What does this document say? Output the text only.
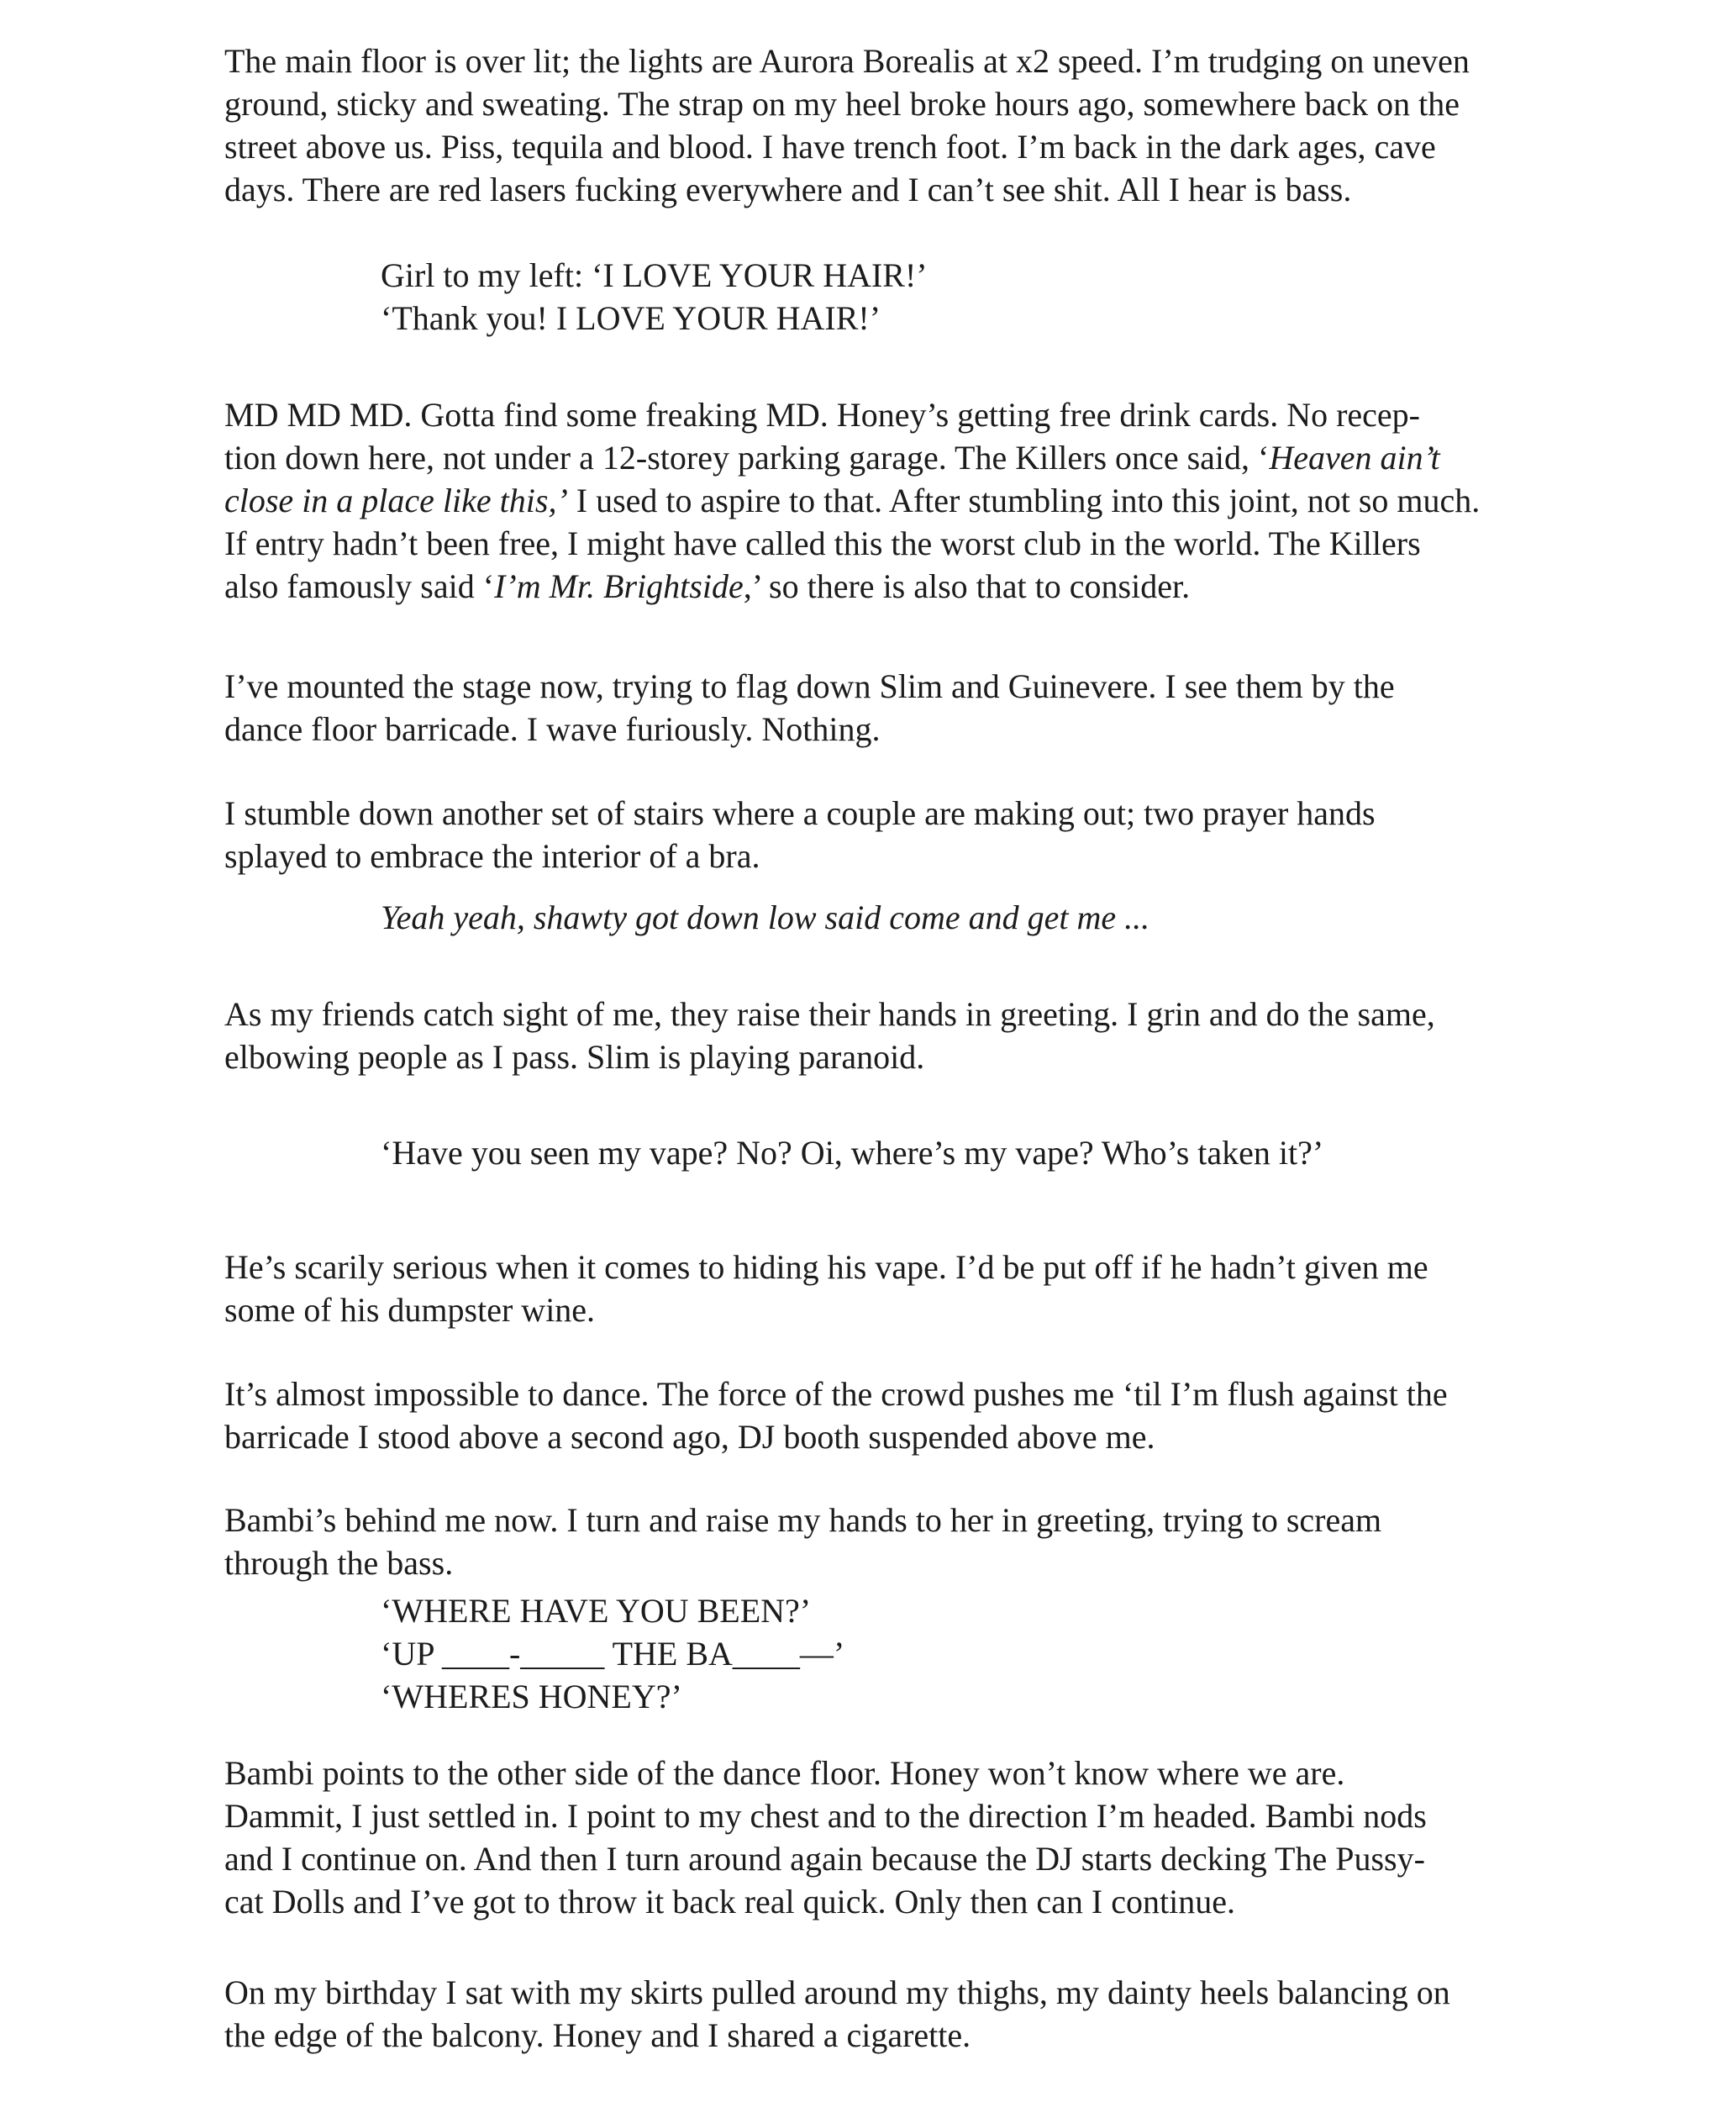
The main floor is over lit; the lights are Aurora Borealis at x2 speed. I’m trudging on uneven
ground, sticky and sweating. The strap on my heel broke hours ago, somewhere back on the
street above us. Piss, tequila and blood. I have trench foot. I’m back in the dark ages, cave
days. There are red lasers fucking everywhere and I can’t see shit. All I hear is bass.

Girl to my left: ‘I LOVE YOUR HAIR!’
‘Thank you! I LOVE YOUR HAIR!’

MD MD MD. Gotta find some freaking MD. Honey’s getting free drink cards. No recep-
tion down here, not under a 12-storey parking garage. The Killers once said, ‘Heaven ain’t
close in a place like this,’ I used to aspire to that. After stumbling into this joint, not so much.
If entry hadn’t been free, I might have called this the worst club in the world. The Killers
also famously said ‘I’m Mr. Brightside,’ so there is also that to consider.

I’ve mounted the stage now, trying to flag down Slim and Guinevere. I see them by the
dance floor barricade. I wave furiously. Nothing.

I stumble down another set of stairs where a couple are making out; two prayer hands
splayed to embrace the interior of a bra.

Yeah yeah, shawty got down low said come and get me ...

As my friends catch sight of me, they raise their hands in greeting. I grin and do the same,
elbowing people as I pass. Slim is playing paranoid.

‘Have you seen my vape? No? Oi, where’s my vape? Who’s taken it?’

He’s scarily serious when it comes to hiding his vape. I’d be put off if he hadn’t given me
some of his dumpster wine.

It’s almost impossible to dance. The force of the crowd pushes me ‘til I’m flush against the
barricade I stood above a second ago, DJ booth suspended above me.

Bambi’s behind me now. I turn and raise my hands to her in greeting, trying to scream
through the bass.

‘WHERE HAVE YOU BEEN?’
‘UP ____-_____ THE BA____—’
‘WHERES HONEY?’

Bambi points to the other side of the dance floor. Honey won’t know where we are.
Dammit, I just settled in. I point to my chest and to the direction I’m headed. Bambi nods
and I continue on. And then I turn around again because the DJ starts decking The Pussy-
cat Dolls and I’ve got to throw it back real quick. Only then can I continue.

On my birthday I sat with my skirts pulled around my thighs, my dainty heels balancing on
the edge of the balcony. Honey and I shared a cigarette.
